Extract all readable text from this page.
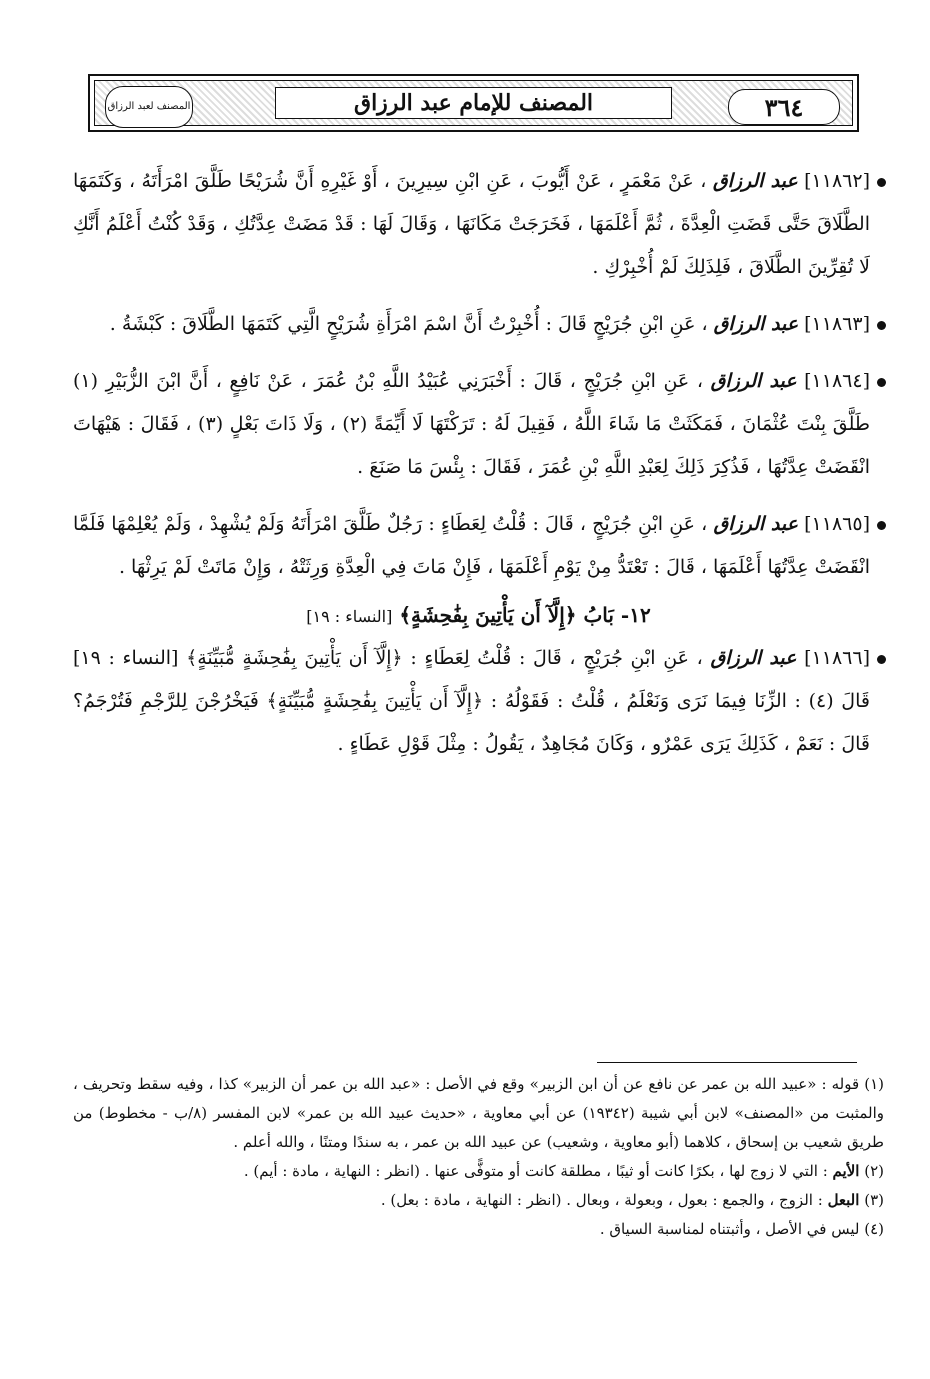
٣٦٤
المصنف للإمام عبد الرزاق
المصنف لعبد الرزاق

[١١٨٦٢] عبد الرزاق ، عَنْ مَعْمَرٍ ، عَنْ أَيُّوبَ ، عَنِ ابْنِ سِيرِينَ ، أَوْ غَيْرِهِ أَنَّ شُرَيْحًا طَلَّقَ امْرَأَتَهُ ، وَكَتَمَهَا الطَّلَاقَ حَتَّى قَضَتِ الْعِدَّةَ ، ثُمَّ أَعْلَمَهَا ، فَخَرَجَتْ مَكَانَهَا ، وَقَالَ لَهَا : قَدْ مَضَتْ عِدَّتُكِ ، وَقَدْ كُنْتُ أَعْلَمُ أَنَّكِ لَا تُقِرِّينَ الطَّلَاقَ ، فَلِذَلِكَ لَمْ أُخْبِرْكِ .

[١١٨٦٣] عبد الرزاق ، عَنِ ابْنِ جُرَيْجٍ قَالَ : أُخْبِرْتُ أَنَّ اسْمَ امْرَأَةِ شُرَيْحٍ الَّتِي كَتَمَهَا الطَّلَاقَ : كَبْشَةُ .

[١١٨٦٤] عبد الرزاق ، عَنِ ابْنِ جُرَيْجٍ ، قَالَ : أَخْبَرَنِي عُبَيْدُ اللَّهِ بْنُ عُمَرَ ، عَنْ نَافِعٍ ، أَنَّ ابْنَ الزُّبَيْرِ (١) طَلَّقَ بِنْتَ عُثْمَانَ ، فَمَكَثَتْ مَا شَاءَ اللَّهُ ، فَقِيلَ لَهُ : تَرَكْتَهَا لَا أَيِّمَةً (٢) ، وَلَا ذَاتَ بَعْلٍ (٣) ، فَقَالَ : هَيْهَاتَ انْقَضَتْ عِدَّتُهَا ، فَذُكِرَ ذَلِكَ لِعَبْدِ اللَّهِ بْنِ عُمَرَ ، فَقَالَ : بِئْسَ مَا صَنَعَ .

[١١٨٦٥] عبد الرزاق ، عَنِ ابْنِ جُرَيْجٍ ، قَالَ : قُلْتُ لِعَطَاءٍ : رَجُلٌ طَلَّقَ امْرَأَتَهُ وَلَمْ يُشْهِدْ ، وَلَمْ يُعْلِمْهَا فَلَمَّا انْقَضَتْ عِدَّتُهَا أَعْلَمَهَا ، قَالَ : تَعْتَدُّ مِنْ يَوْمِ أَعْلَمَهَا ، فَإِنْ مَاتَ فِي الْعِدَّةِ وَرِثَتْهُ ، وَإِنْ مَاتَتْ لَمْ يَرِثْهَا .

١٢- بَابُ ﴿إِلَّآ أَن يَأْتِينَ بِفَٰحِشَةٍ﴾ [النساء : ١٩]

[١١٨٦٦] عبد الرزاق ، عَنِ ابْنِ جُرَيْجٍ ، قَالَ : قُلْتُ لِعَطَاءٍ : ﴿إِلَّآ أَن يَأْتِينَ بِفَٰحِشَةٍ مُّبَيِّنَةٍ﴾ [النساء : ١٩] قَالَ (٤) : الزِّنَا فِيمَا نَرَى وَنَعْلَمُ ، قُلْتُ : فَقَوْلُهُ : ﴿إِلَّآ أَن يَأْتِينَ بِفَٰحِشَةٍ مُّبَيِّنَةٍ﴾ فَيَخْرُجْنَ لِلرَّجْمِ فَتُرْجَمُ؟ قَالَ : نَعَمْ ، كَذَلِكَ يَرَى عَمْرٌو ، وَكَانَ مُجَاهِدٌ ، يَقُولُ : مِثْلَ قَوْلِ عَطَاءٍ .

(١) قوله : «عبيد الله بن عمر عن نافع عن أن ابن الزبير» وقع في الأصل : «عبد الله بن عمر أن الزبير» كذا ، وفيه سقط وتحريف ، والمثبت من «المصنف» لابن أبي شيبة (١٩٣٤٢) عن أبي معاوية ، «حديث عبيد الله بن عمر» لابن المفسر (٨/ب - مخطوط) من طريق شعيب بن إسحاق ، كلاهما (أبو معاوية ، وشعيب) عن عبيد الله بن عمر ، به سندًا ومتنًا ، والله أعلم .

(٢) الأيم : التي لا زوج لها ، بكرًا كانت أو ثيبًا ، مطلقة كانت أو متوفًّى عنها . (انظر : النهاية ، مادة : أيم) .

(٣) البعل : الزوج ، والجمع : بعول ، وبعولة ، وبعال . (انظر : النهاية ، مادة : بعل) .

(٤) ليس في الأصل ، وأثبتناه لمناسبة السياق .
